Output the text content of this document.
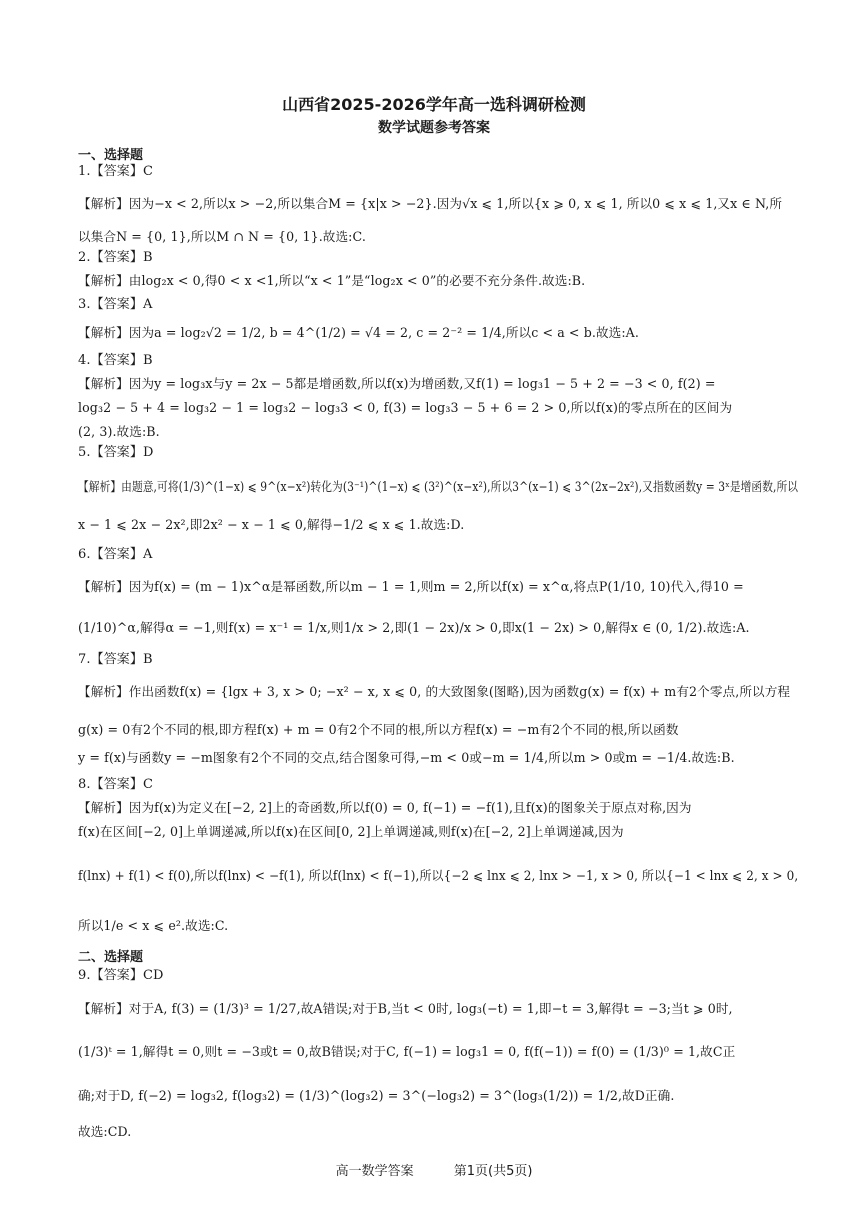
山西省2025-2026学年高一选科调研检测
数学试题参考答案
一、选择题
1.【答案】C
【解析】因为−x < 2,所以x > −2,所以集合M = {x|x > −2}.因为√x ⩽ 1,所以{x ⩾ 0, x ⩽ 1, 所以0 ⩽ x ⩽ 1,又x ∈ N,所
以集合N = {0, 1},所以M ∩ N = {0, 1}.故选:C.
2.【答案】B
【解析】由log₂x < 0,得0 < x <1,所以“x < 1”是“log₂x < 0”的必要不充分条件.故选:B.
3.【答案】A
【解析】因为a = log₂√2 = 1/2, b = 4^(1/2) = √4 = 2, c = 2⁻² = 1/4,所以c < a < b.故选:A.
4.【答案】B
【解析】因为y = log₃x与y = 2x − 5都是增函数,所以f(x)为增函数,又f(1) = log₃1 − 5 + 2 = −3 < 0, f(2) =
log₃2 − 5 + 4 = log₃2 − 1 = log₃2 − log₃3 < 0, f(3) = log₃3 − 5 + 6 = 2 > 0,所以f(x)的零点所在的区间为
(2, 3).故选:B.
5.【答案】D
【解析】由题意,可将(1/3)^(1−x) ⩽ 9^(x−x²)转化为(3⁻¹)^(1−x) ⩽ (3²)^(x−x²),所以3^(x−1) ⩽ 3^(2x−2x²),又指数函数y = 3ˣ是增函数,所以
x − 1 ⩽ 2x − 2x²,即2x² − x − 1 ⩽ 0,解得−1/2 ⩽ x ⩽ 1.故选:D.
6.【答案】A
【解析】因为f(x) = (m − 1)x^α是幂函数,所以m − 1 = 1,则m = 2,所以f(x) = x^α,将点P(1/10, 10)代入,得10 =
(1/10)^α,解得α = −1,则f(x) = x⁻¹ = 1/x,则1/x > 2,即(1 − 2x)/x > 0,即x(1 − 2x) > 0,解得x ∈ (0, 1/2).故选:A.
7.【答案】B
【解析】作出函数f(x) = {lgx + 3, x > 0; −x² − x, x ⩽ 0, 的大致图象(图略),因为函数g(x) = f(x) + m有2个零点,所以方程
g(x) = 0有2个不同的根,即方程f(x) + m = 0有2个不同的根,所以方程f(x) = −m有2个不同的根,所以函数
y = f(x)与函数y = −m图象有2个不同的交点,结合图象可得,−m < 0或−m = 1/4,所以m > 0或m = −1/4.故选:B.
8.【答案】C
【解析】因为f(x)为定义在[−2, 2]上的奇函数,所以f(0) = 0, f(−1) = −f(1),且f(x)的图象关于原点对称,因为
f(x)在区间[−2, 0]上单调递减,所以f(x)在区间[0, 2]上单调递减,则f(x)在[−2, 2]上单调递减,因为
f(lnx) + f(1) < f(0),所以f(lnx) < −f(1), 所以f(lnx) < f(−1),所以{−2 ⩽ lnx ⩽ 2, lnx > −1, x > 0, 所以{−1 < lnx ⩽ 2, x > 0,
所以1/e < x ⩽ e².故选:C.
二、选择题
9.【答案】CD
【解析】对于A, f(3) = (1/3)³ = 1/27,故A错误;对于B,当t < 0时, log₃(−t) = 1,即−t = 3,解得t = −3;当t ⩾ 0时,
(1/3)ᵗ = 1,解得t = 0,则t = −3或t = 0,故B错误;对于C, f(−1) = log₃1 = 0, f(f(−1)) = f(0) = (1/3)⁰ = 1,故C正
确;对于D, f(−2) = log₃2, f(log₃2) = (1/3)^(log₃2) = 3^(−log₃2) = 3^(log₃(1/2)) = 1/2,故D正确.
故选:CD.
高一数学答案	第1页(共5页)
